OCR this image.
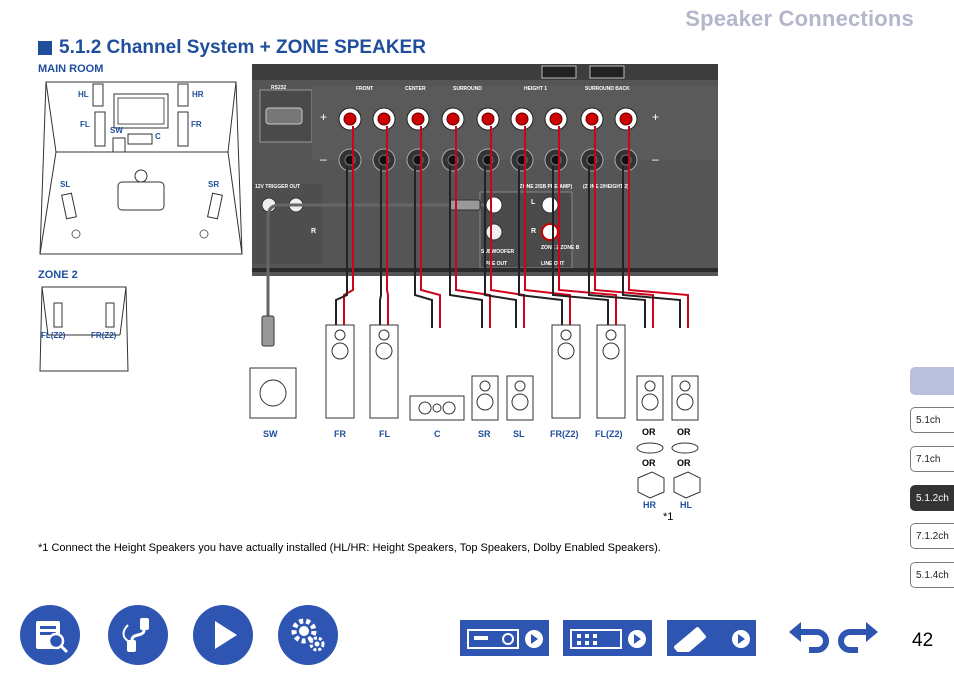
Speaker Connections
5.1.2 Channel System + ZONE SPEAKER
MAIN ROOM
HL	HR
FL	FR
SW
C
SL	SR
ZONE 2
FL(Z2)	FR(Z2)
RS232	FRONT	CENTER	SURROUND	HEIGHT 1	SURROUND BACK
(ZONE 2/SB PRE-AMP) (ZONE 2/HEIGHT 2)
12V TRIGGER OUT
SUBWOOFER
PRE OUT
ZONE 2 ZONE B
LINE OUT
+	+
–	–
L
R
R
SW	FR	FL	C	SR SL	FR(Z2) FL(Z2) OR OR
OR OR
HR	HL
*1
*1 Connect the Height Speakers you have actually installed (HL/HR: Height Speakers, Top Speakers, Dolby Enabled Speakers).
5.1ch
7.1ch
5.1.2ch
7.1.2ch
5.1.4ch
42
